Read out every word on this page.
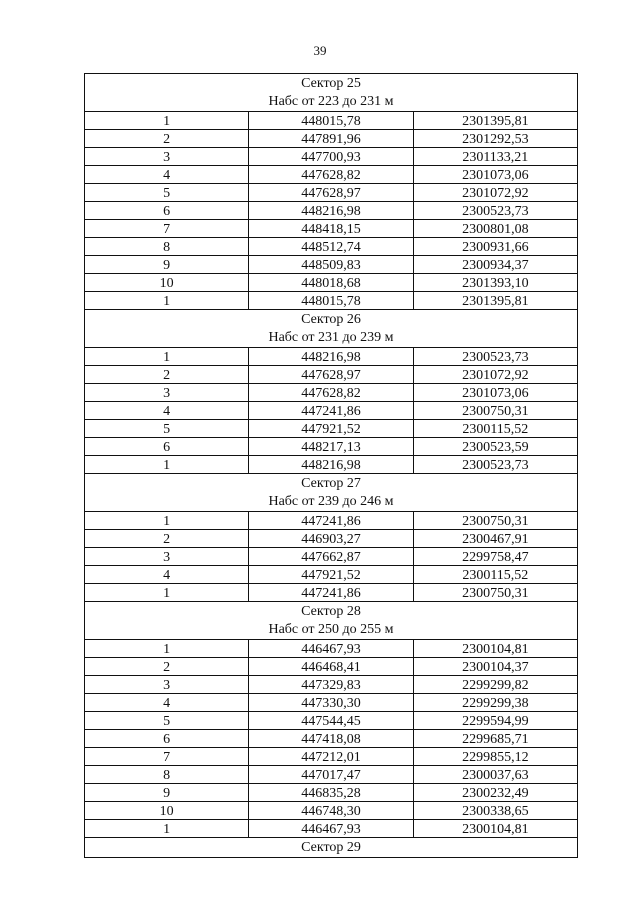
39
Сектор 25
Набс от 223 до 231 м		

1	448015,78	2301395,81
2	447891,96	2301292,53
3	447700,93	2301133,21
4	447628,82	2301073,06
5	447628,97	2301072,92
6	448216,98	2300523,73
7	448418,15	2300801,08
8	448512,74	2300931,66
9	448509,83	2300934,37
10	448018,68	2301393,10
1	448015,78	2301395,81

Сектор 26
Набс от 231 до 239 м		

1	448216,98	2300523,73
2	447628,97	2301072,92
3	447628,82	2301073,06
4	447241,86	2300750,31
5	447921,52	2300115,52
6	448217,13	2300523,59
1	448216,98	2300523,73

Сектор 27
Набс от 239 до 246 м		

1	447241,86	2300750,31
2	446903,27	2300467,91
3	447662,87	2299758,47
4	447921,52	2300115,52
1	447241,86	2300750,31

Сектор 28
Набс от 250 до 255 м		

1	446467,93	2300104,81
2	446468,41	2300104,37
3	447329,83	2299299,82
4	447330,30	2299299,38
5	447544,45	2299594,99
6	447418,08	2299685,71
7	447212,01	2299855,12
8	447017,47	2300037,63
9	446835,28	2300232,49
10	446748,30	2300338,65
1	446467,93	2300104,81

Сектор 29		
